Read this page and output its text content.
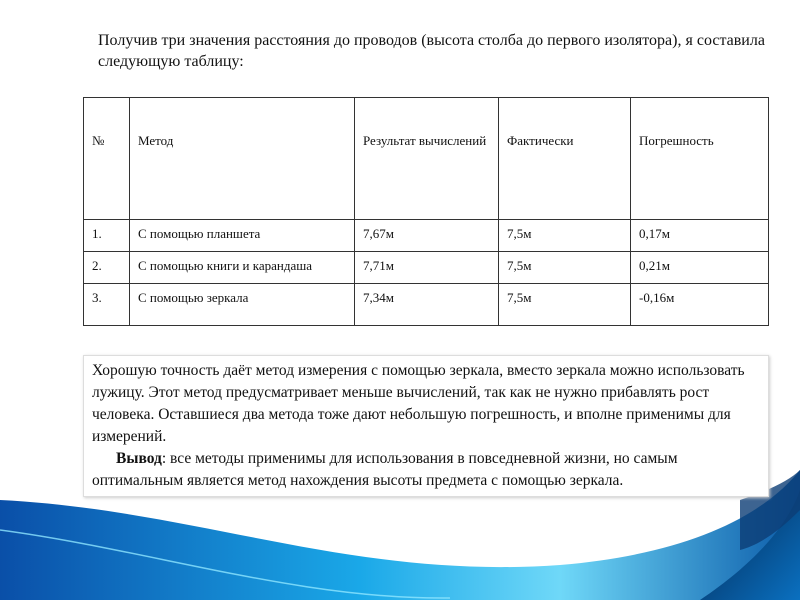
Получив три значения расстояния до проводов (высота столба до первого изолятора), я составила следующую таблицу:
№	Метод	Результат вычислений	Фактически	Погрешность
1.	С помощью планшета	7,67м	7,5м	0,17м
2.	С помощью книги и карандаша	7,71м	7,5м	0,21м
3.	С помощью зеркала	7,34м	7,5м	-0,16м
Хорошую точность даёт метод измерения с помощью зеркала, вместо зеркала можно использовать лужицу. Этот метод предусматривает меньше вычислений, так как не нужно прибавлять рост человека. Оставшиеся два метода тоже дают небольшую погрешность, и вполне применимы для измерений.
Вывод: все методы применимы для использования в повседневной жизни, но самым оптимальным является метод нахождения высоты предмета с помощью зеркала.
